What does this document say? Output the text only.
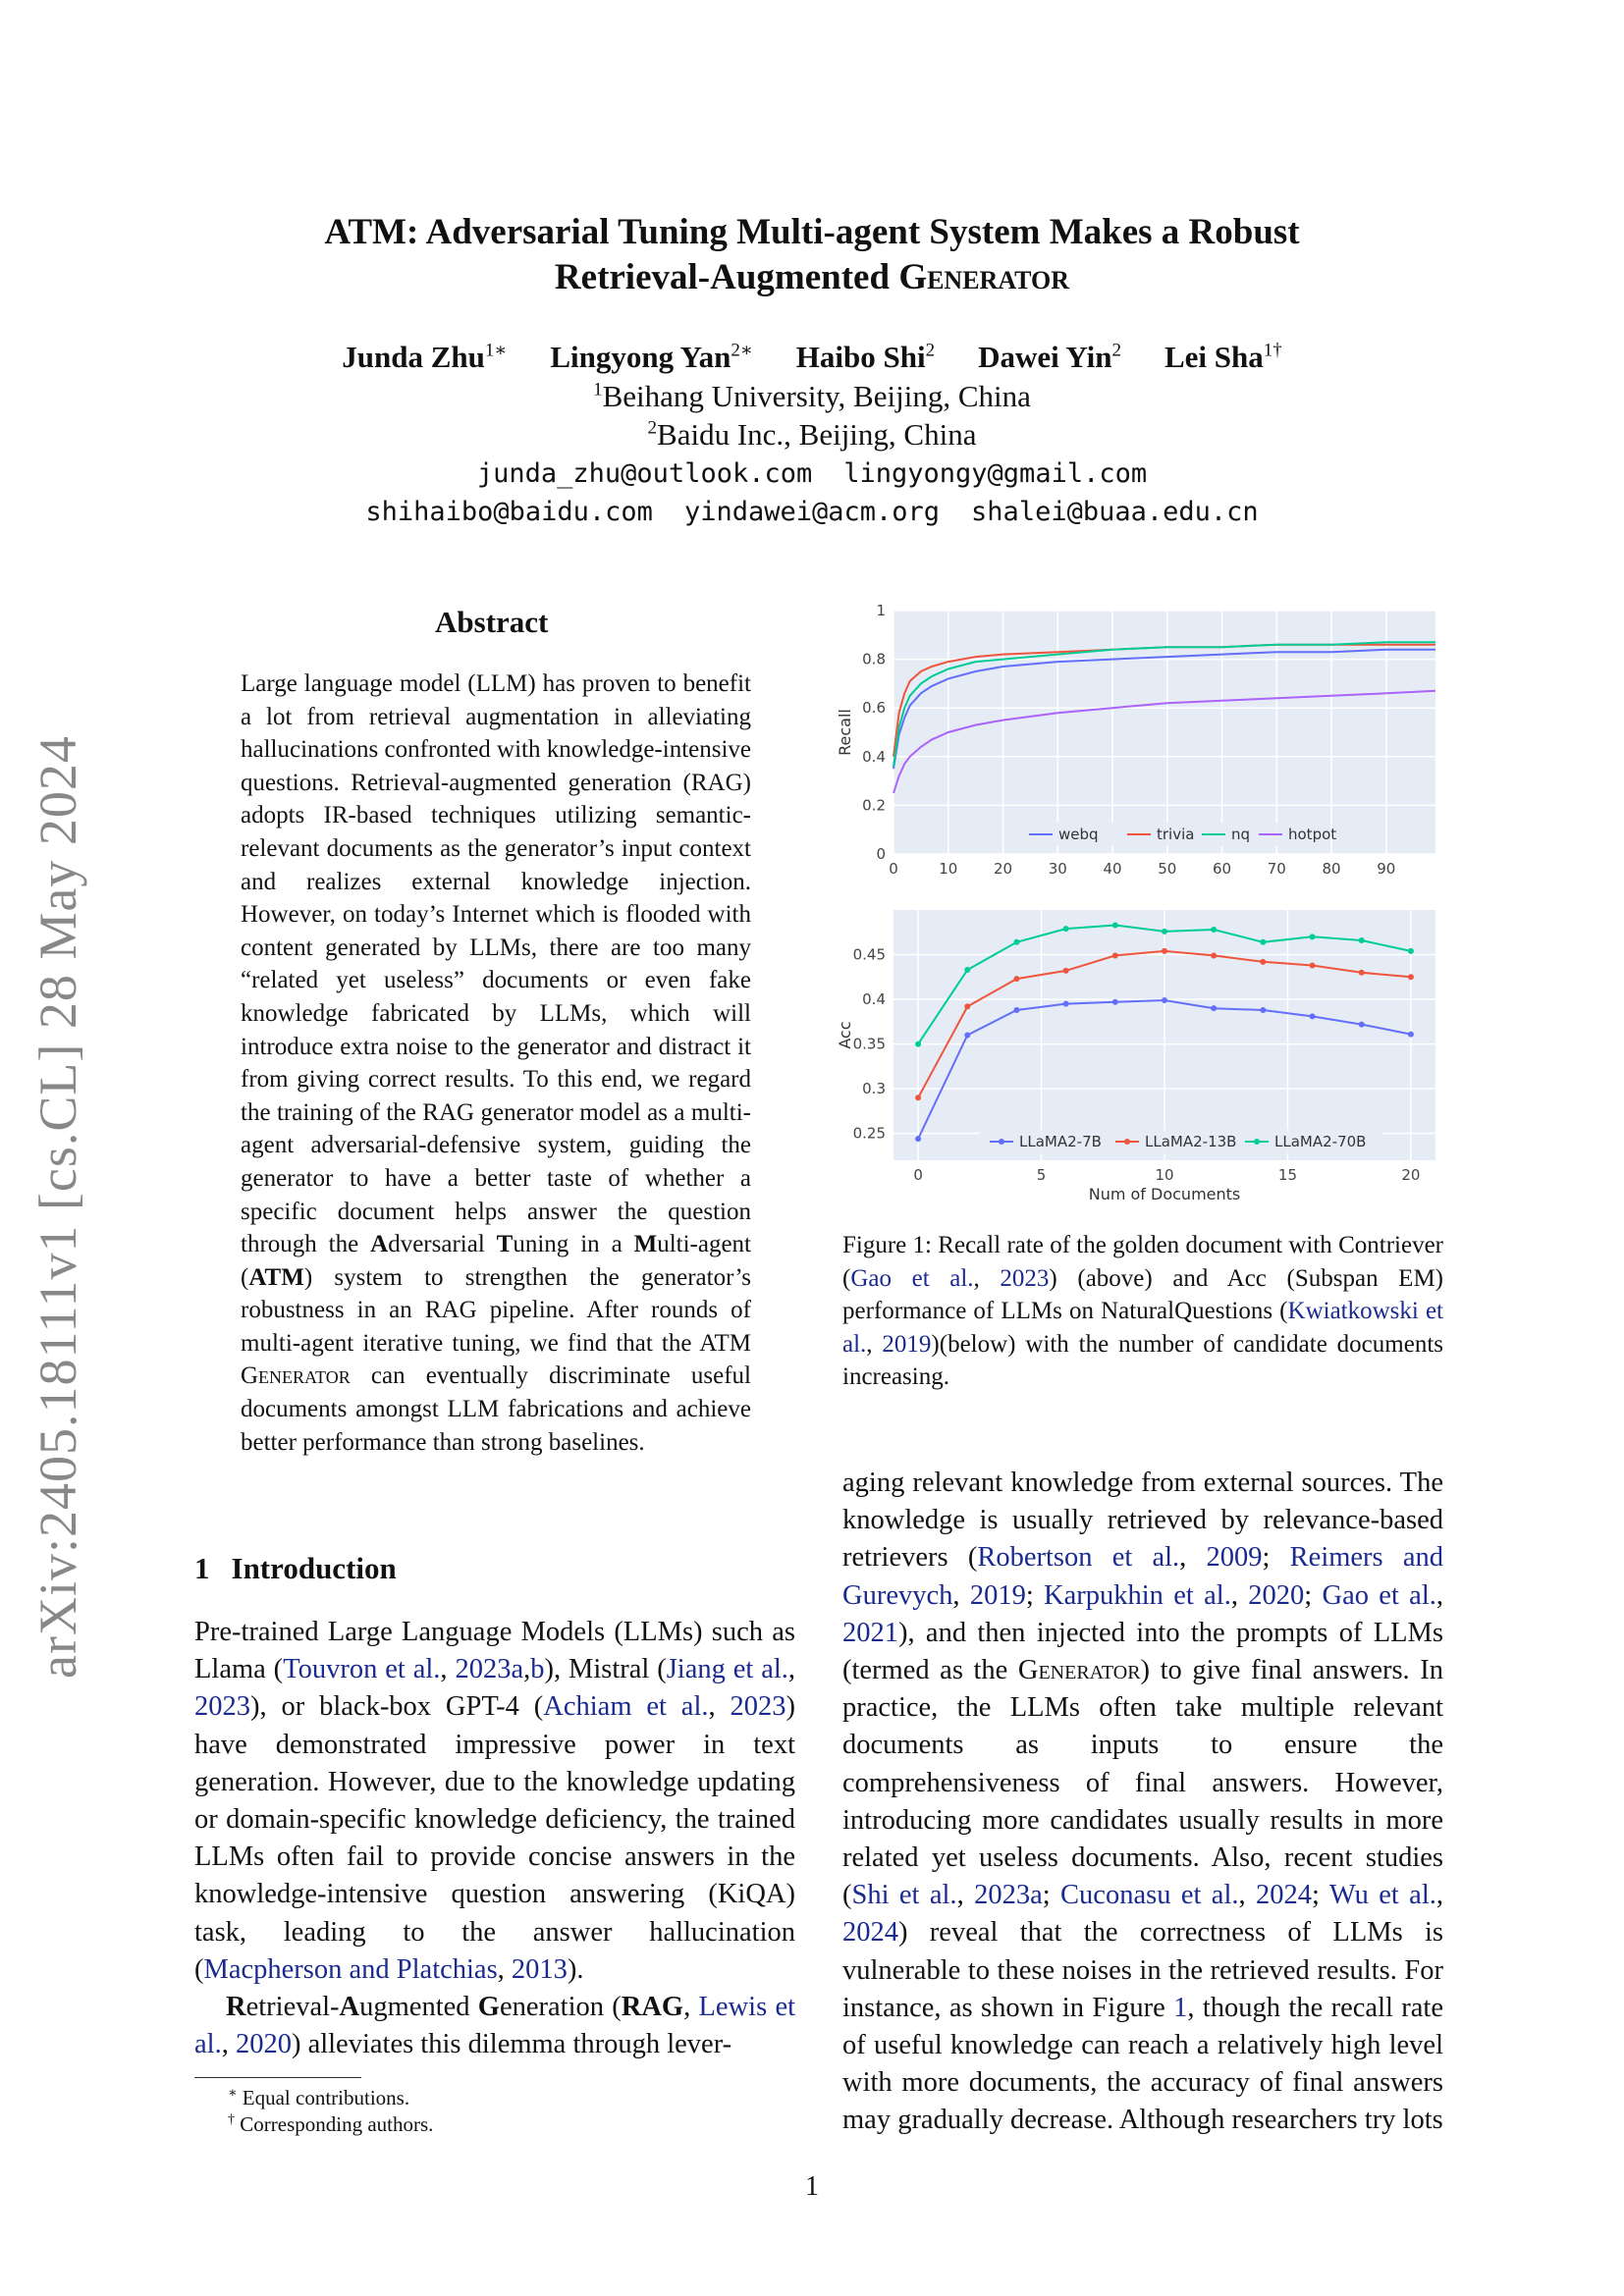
ATM: Adversarial Tuning Multi-agent System Makes a Robust
Retrieval-Augmented Generator
Junda Zhu$^{1∗}$ Lingyong Yan$^{2∗}$ Haibo Shi$^2$ Dawei Yin$^2$ Lei Sha$^{1\dagger}$
$^1$Beihang University, Beijing, China
$^2$Baidu Inc., Beijing, China
junda_zhu@outlook.com lingyongy@gmail.com
shihaibo@baidu.com yindawei@acm.org shalei@buaa.edu.cn
arXiv:2405.18111v1 [cs.CL] 28 May 2024
Abstract
Large language model (LLM) has proven to benefit a lot from retrieval augmentation in alleviating hallucinations confronted with knowledge-intensive questions. Retrieval-augmented generation (RAG) adopts IR-based techniques utilizing semantic-relevant documents as the generator’s input context and realizes external knowledge injection. However, on today’s Internet which is flooded with content generated by LLMs, there are too many “related yet useless” documents or even fake knowledge fabricated by LLMs, which will introduce extra noise to the generator and distract it from giving correct results. To this end, we regard the training of the RAG generator model as a multi-agent adversarial-defensive system, guiding the generator to have a better taste of whether a specific document helps answer the question through the Adversarial Tuning in a Multi-agent (ATM) system to strengthen the generator’s robustness in an RAG pipeline. After rounds of multi-agent iterative tuning, we find that the ATM Generator can eventually discriminate useful documents amongst LLM fabrications and achieve better performance than strong baselines.
1 Introduction

Pre-trained Large Language Models (LLMs) such as Llama (Touvron et al., 2023a,b), Mistral (Jiang et al., 2023), or black-box GPT-4 (Achiam et al., 2023) have demonstrated impressive power in text generation. However, due to the knowledge updating or domain-specific knowledge deficiency, the trained LLMs often fail to provide concise answers in the knowledge-intensive question answering (KiQA) task, leading to the answer hallucination (Macpherson and Platchias, 2013).

Retrieval-Augmented Generation (RAG, Lewis et al., 2020) alleviates this dilemma through lever-

∗ Equal contributions.
† Corresponding authors.
0
0.2
0.4
0.6
0.8
1
0	10 20 30 40 50 60 70 80 90
Recall
webq	trivia	nq	hotpot
0.25
0.3
0.35
0.4
0.45
0	5	10	15	20
Acc
Num of Documents
LLaMA2-7B	LLaMA2-13B	LLaMA2-70B
Figure 1: Recall rate of the golden document with Contriever (Gao et al., 2023) (above) and Acc (Subspan EM) performance of LLMs on NaturalQuestions (Kwiatkowski et al., 2019)(below) with the number of candidate documents increasing.
aging relevant knowledge from external sources. The knowledge is usually retrieved by relevance-based retrievers (Robertson et al., 2009; Reimers and Gurevych, 2019; Karpukhin et al., 2020; Gao et al., 2021), and then injected into the prompts of LLMs (termed as the Generator) to give final answers. In practice, the LLMs often take multiple relevant documents as inputs to ensure the comprehensiveness of final answers. However, introducing more candidates usually results in more related yet useless documents. Also, recent studies (Shi et al., 2023a; Cuconasu et al., 2024; Wu et al., 2024) reveal that the correctness of LLMs is vulnerable to these noises in the retrieved results. For instance, as shown in Figure 1, though the recall rate of useful knowledge can reach a relatively high level with more documents, the accuracy of final answers may gradually decrease. Although researchers try lots
1
